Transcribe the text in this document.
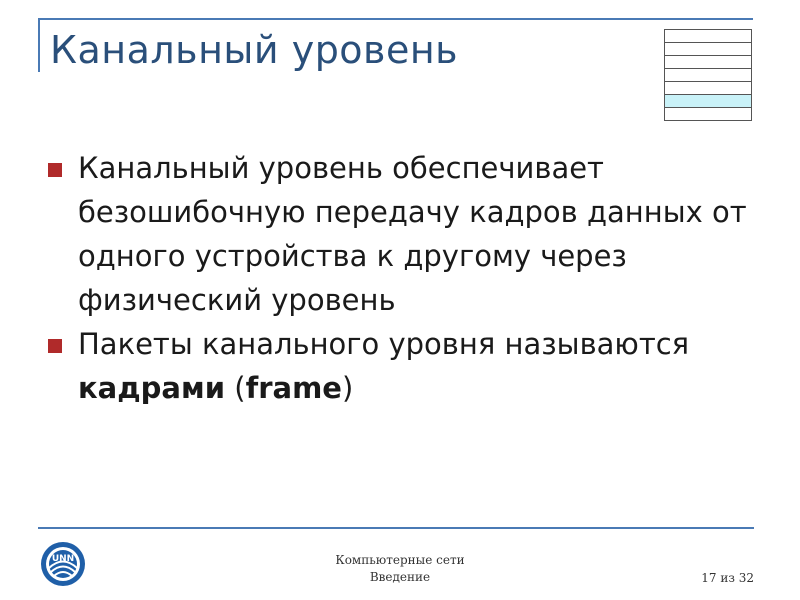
Канальный уровень
Канальный уровень обеспечивает безошибочную передачу кадров данных от одного устройства к другому через физический уровень
Пакеты канального уровня называются кадрами (frame)
UNN	Компьютерные сети
Введение	17 из 32
